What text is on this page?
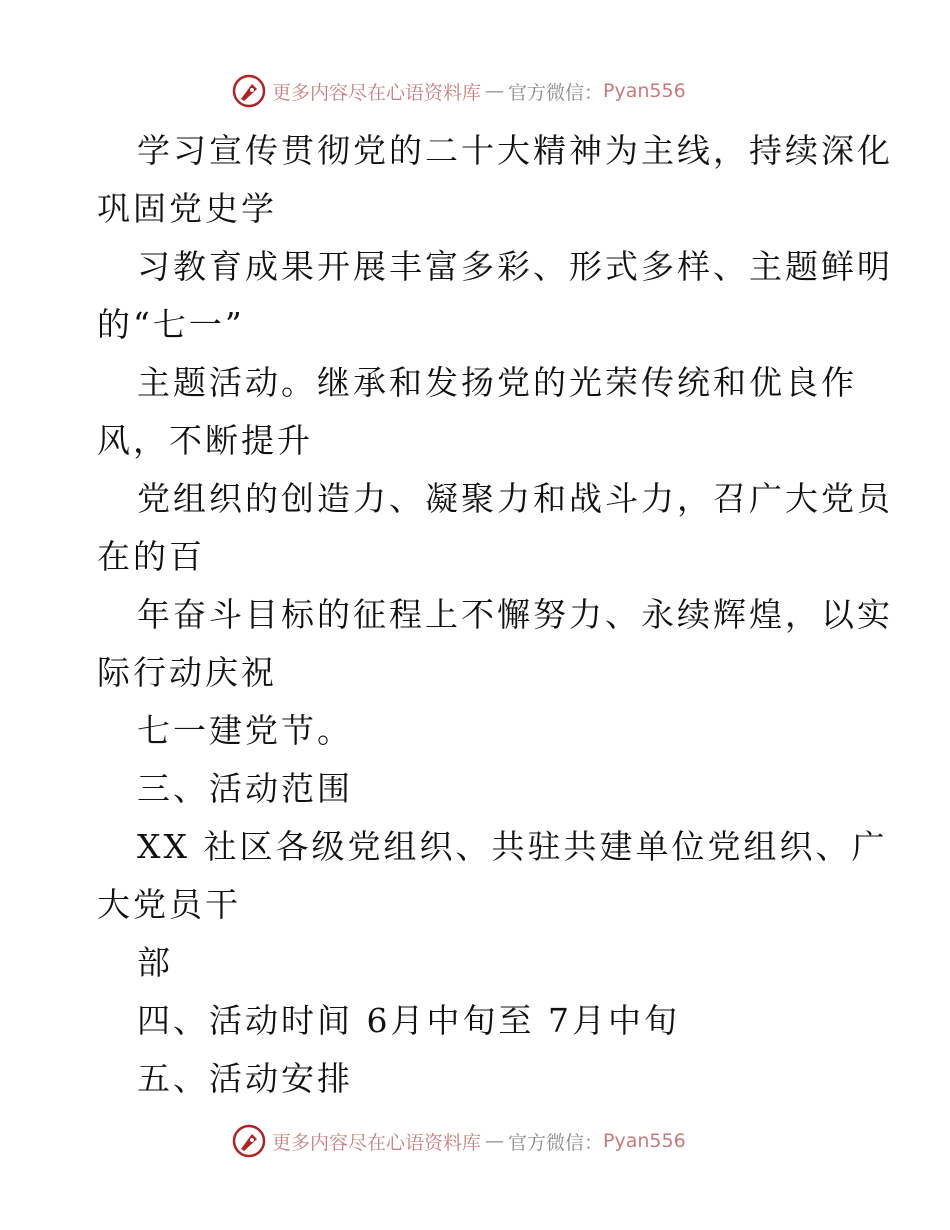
更多内容尽在心语资料库 — 官方微信： Pyan556
学习宣传贯彻党的二十大精神为主线，持续深化
巩固党史学
习教育成果开展丰富多彩、形式多样、主题鲜明
的“七一”
主题活动。继承和发扬党的光荣传统和优良作
风，不断提升
党组织的创造力、凝聚力和战斗力，召广大党员
在的百
年奋斗目标的征程上不懈努力、永续辉煌，以实
际行动庆祝
七一建党节。
三、活动范围
XX 社区各级党组织、共驻共建单位党组织、广
大党员干
部
四、活动时间 6月中旬至 7月中旬
五、活动安排
更多内容尽在心语资料库 — 官方微信： Pyan556
